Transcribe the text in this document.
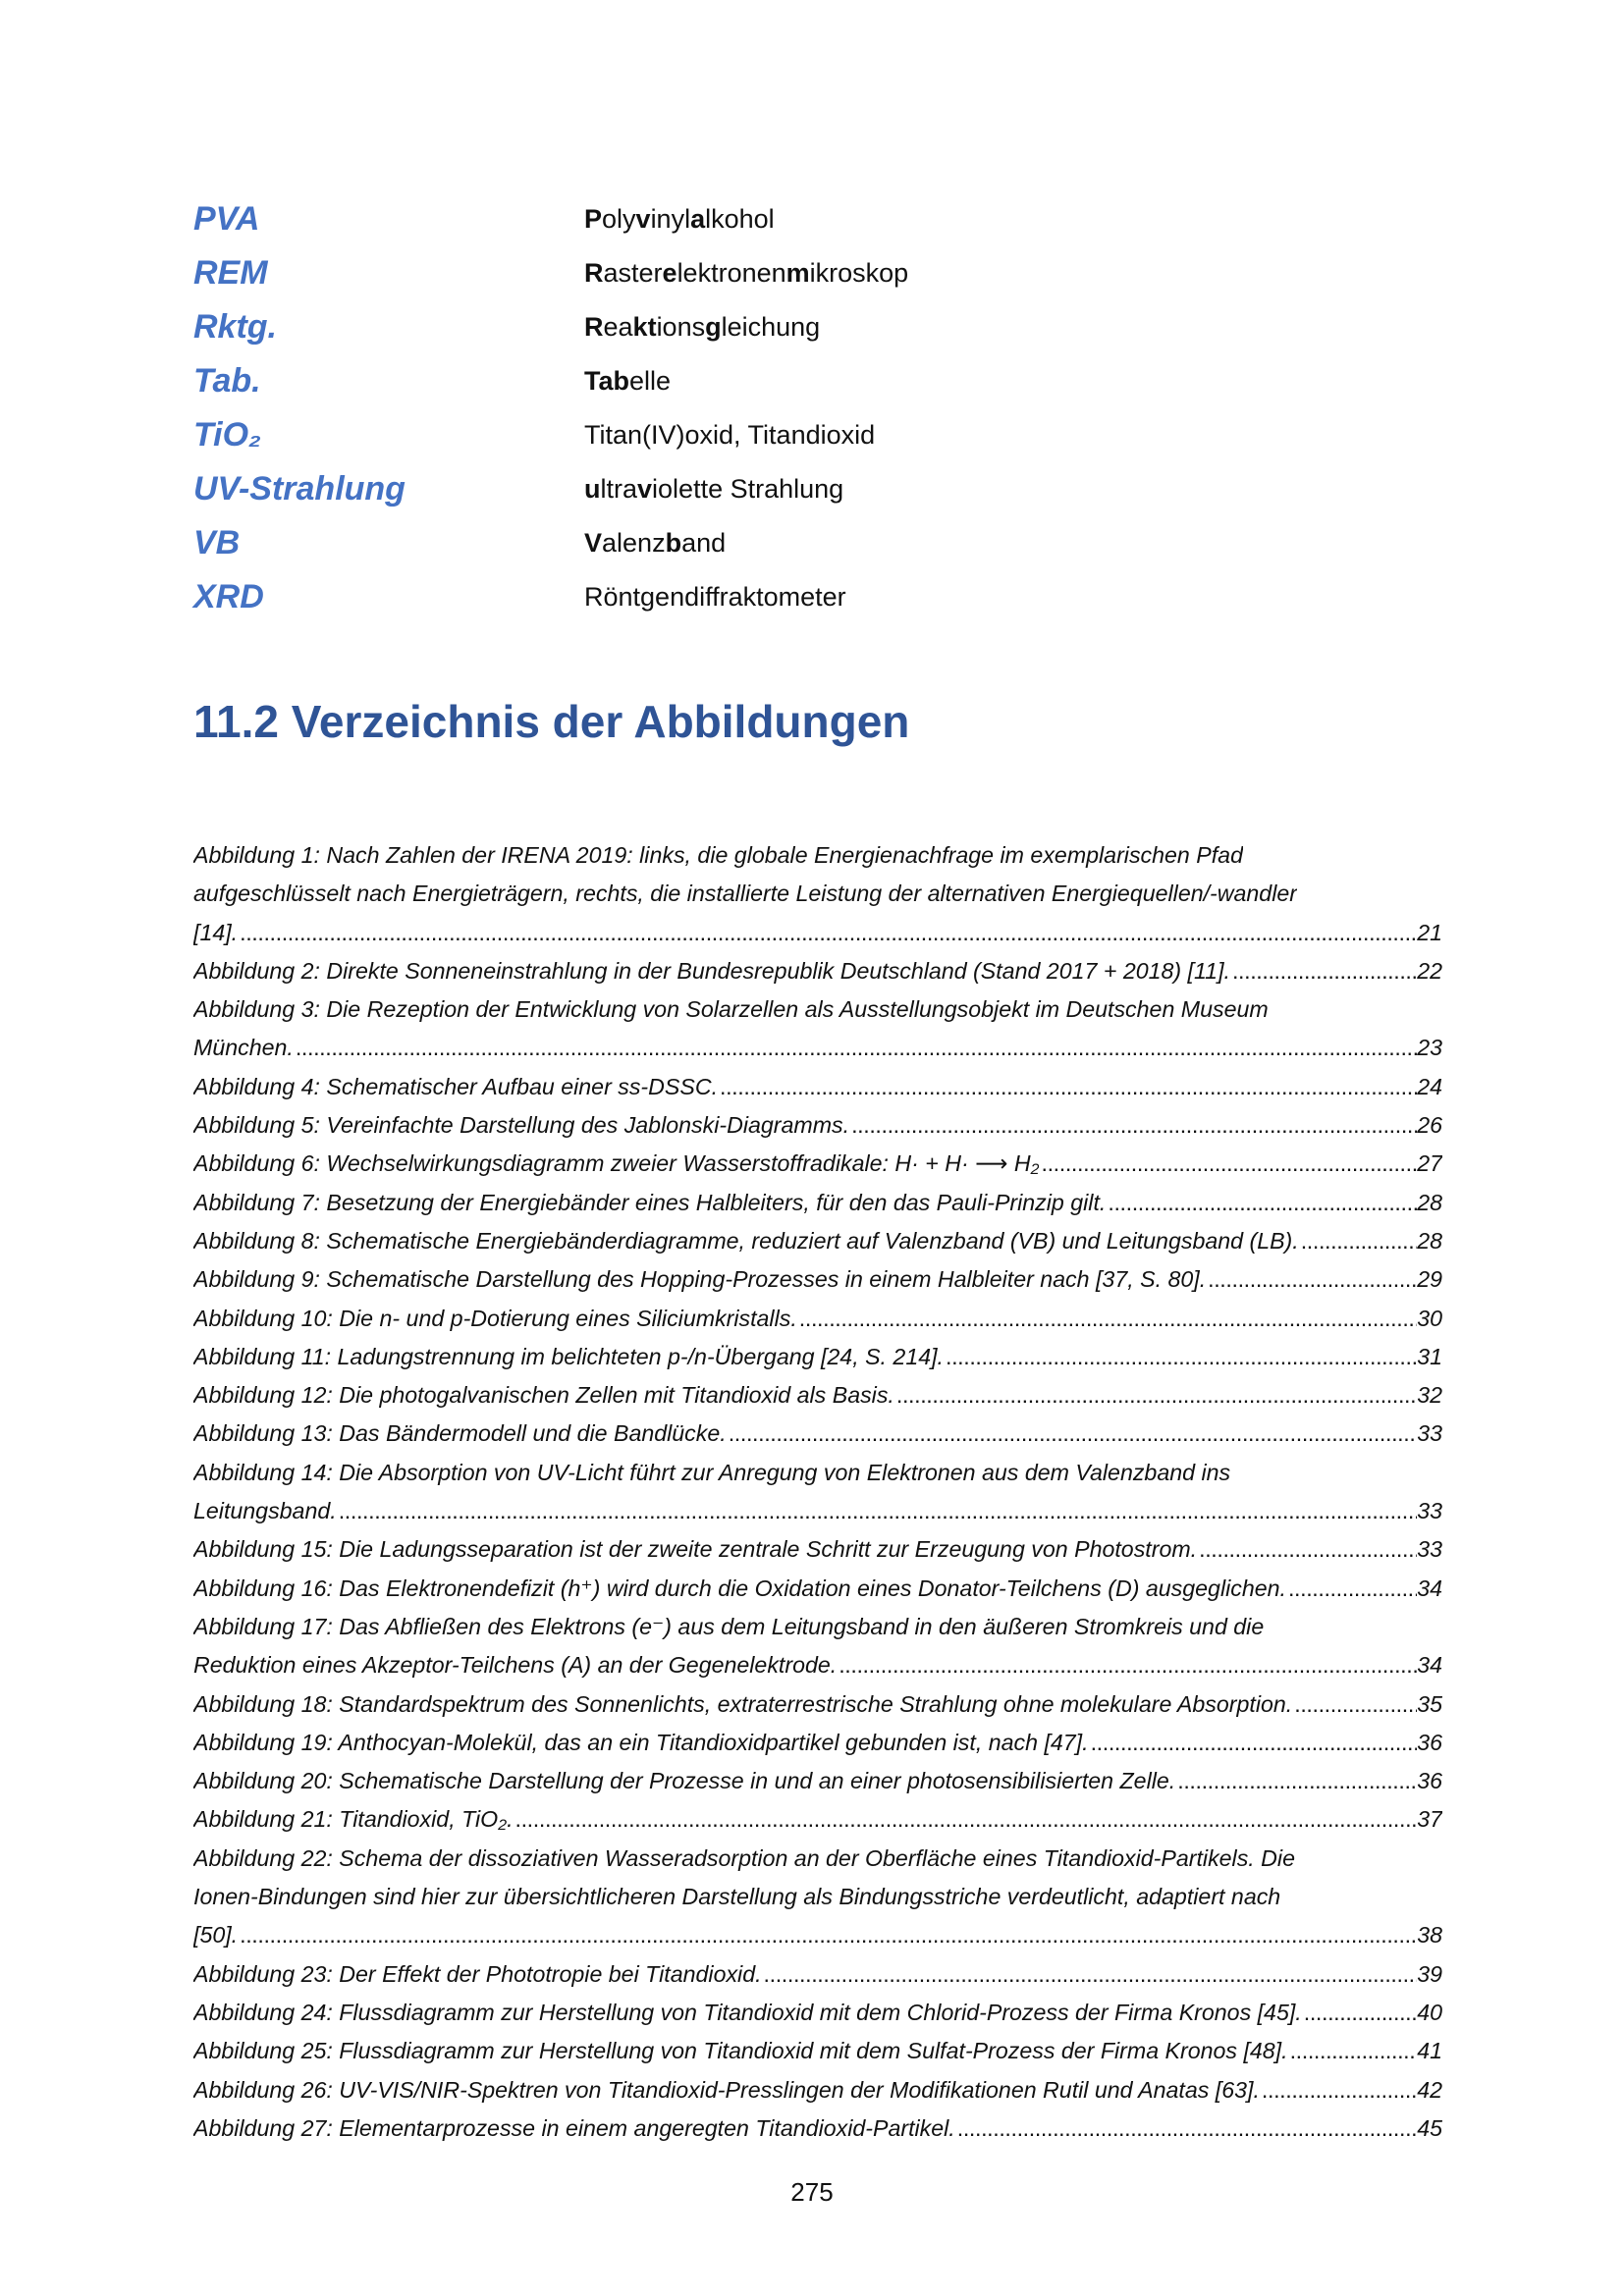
PVA	Polyvinylalkohol
REM	Rasterelektronenmikroskop
Rktg.	Reaktionsgleichung
Tab.	Tabelle
TiO₂	Titan(IV)oxid, Titandioxid
UV-Strahlung	ultraviolette Strahlung
VB	Valenzband
XRD	Röntgendiffraktometer
11.2 Verzeichnis der Abbildungen
Abbildung 1: Nach Zahlen der IRENA 2019: links, die globale Energienachfrage im exemplarischen Pfad
aufgeschlüsselt nach Energieträgern, rechts, die installierte Leistung der alternativen Energiequellen/-wandler
[14]. . . .	21
Abbildung 2: Direkte Sonneneinstrahlung in der Bundesrepublik Deutschland (Stand 2017 + 2018) [11]. . . .	22
Abbildung 3: Die Rezeption der Entwicklung von Solarzellen als Ausstellungsobjekt im Deutschen Museum
München. . . .	23
Abbildung 4: Schematischer Aufbau einer ss-DSSC. . . .	24
Abbildung 5: Vereinfachte Darstellung des Jablonski-Diagramms. . . .	26
Abbildung 6: Wechselwirkungsdiagramm zweier Wasserstoffradikale: H· + H· ⟶ H₂ . . .	27
Abbildung 7: Besetzung der Energiebänder eines Halbleiters, für den das Pauli-Prinzip gilt. . . .	28
Abbildung 8: Schematische Energiebänderdiagramme, reduziert auf Valenzband (VB) und Leitungsband (LB). . . .	28
Abbildung 9: Schematische Darstellung des Hopping-Prozesses in einem Halbleiter nach [37, S. 80]. . . .	29
Abbildung 10: Die n- und p-Dotierung eines Siliciumkristalls. . . .	30
Abbildung 11: Ladungstrennung im belichteten p-/n-Übergang [24, S. 214]. . . .	31
Abbildung 12: Die photogalvanischen Zellen mit Titandioxid als Basis. . . .	32
Abbildung 13: Das Bändermodell und die Bandlücke. . . .	33
Abbildung 14: Die Absorption von UV-Licht führt zur Anregung von Elektronen aus dem Valenzband ins
Leitungsband. . . .	33
Abbildung 15: Die Ladungsseparation ist der zweite zentrale Schritt zur Erzeugung von Photostrom. . . .	33
Abbildung 16: Das Elektronendefizit (h⁺) wird durch die Oxidation eines Donator-Teilchens (D) ausgeglichen. . . .	34
Abbildung 17: Das Abfließen des Elektrons (e⁻) aus dem Leitungsband in den äußeren Stromkreis und die
Reduktion eines Akzeptor-Teilchens (A) an der Gegenelektrode. . . .	34
Abbildung 18: Standardspektrum des Sonnenlichts, extraterrestrische Strahlung ohne molekulare Absorption. . . .	35
Abbildung 19: Anthocyan-Molekül, das an ein Titandioxidpartikel gebunden ist, nach [47]. . . .	36
Abbildung 20: Schematische Darstellung der Prozesse in und an einer photosensibilisierten Zelle. . . .	36
Abbildung 21: Titandioxid, TiO₂. . . .	37
Abbildung 22: Schema der dissoziativen Wasseradsorption an der Oberfläche eines Titandioxid-Partikels. Die
Ionen-Bindungen sind hier zur übersichtlicheren Darstellung als Bindungsstriche verdeutlicht, adaptiert nach
[50]. . . .	38
Abbildung 23: Der Effekt der Phototropie bei Titandioxid. . . .	39
Abbildung 24: Flussdiagramm zur Herstellung von Titandioxid mit dem Chlorid-Prozess der Firma Kronos [45]. . . .	40
Abbildung 25: Flussdiagramm zur Herstellung von Titandioxid mit dem Sulfat-Prozess der Firma Kronos [48]. . . .	41
Abbildung 26: UV-VIS/NIR-Spektren von Titandioxid-Presslingen der Modifikationen Rutil und Anatas [63]. . . .	42
Abbildung 27: Elementarprozesse in einem angeregten Titandioxid-Partikel. . . .	45
275
